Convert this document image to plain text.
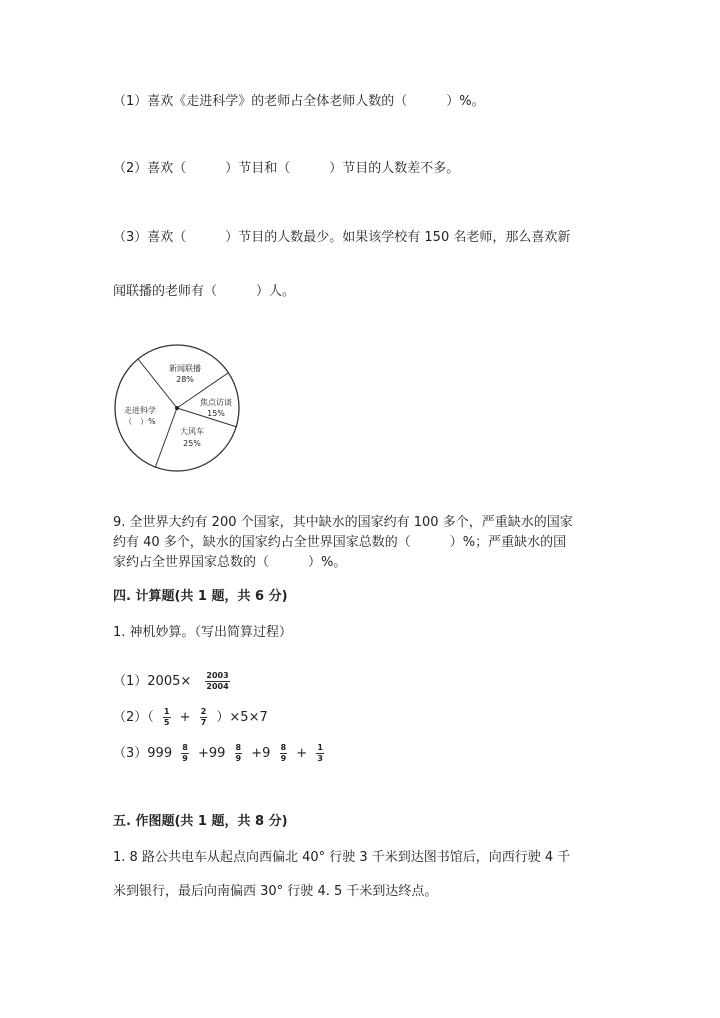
（1）喜欢《走进科学》的老师占全体老师人数的（　　　）%。
（2）喜欢（　　　）节目和（　　　）节目的人数差不多。
（3）喜欢（　　　）节目的人数最少。如果该学校有 150 名老师，那么喜欢新
闻联播的老师有（　　　）人。
新闻联播
28%
焦点访谈
15%
大风车
25%
走进科学
（　）%
9. 全世界大约有 200 个国家，其中缺水的国家约有 100 多个，严重缺水的国家
约有 40 多个，缺水的国家约占全世界国家总数的（　　　）%；严重缺水的国
家约占全世界国家总数的（　　　）%。
四. 计算题(共 1 题，共 6 分)
1. 神机妙算。（写出简算过程）
$(1)2005\times \frac{2003}{2004}$
$(2)( \frac{1}{5} + \frac{2}{7} )\times 5\times 7$
$(3)999 \frac{8}{9} +99 \frac{8}{9} +9 \frac{8}{9} + \frac{1}{3}$
五. 作图题(共 1 题，共 8 分)
1. 8 路公共电车从起点向西偏北 40° 行驶 3 千米到达图书馆后，向西行驶 4 千
米到银行，最后向南偏西 30° 行驶 4. 5 千米到达终点。
